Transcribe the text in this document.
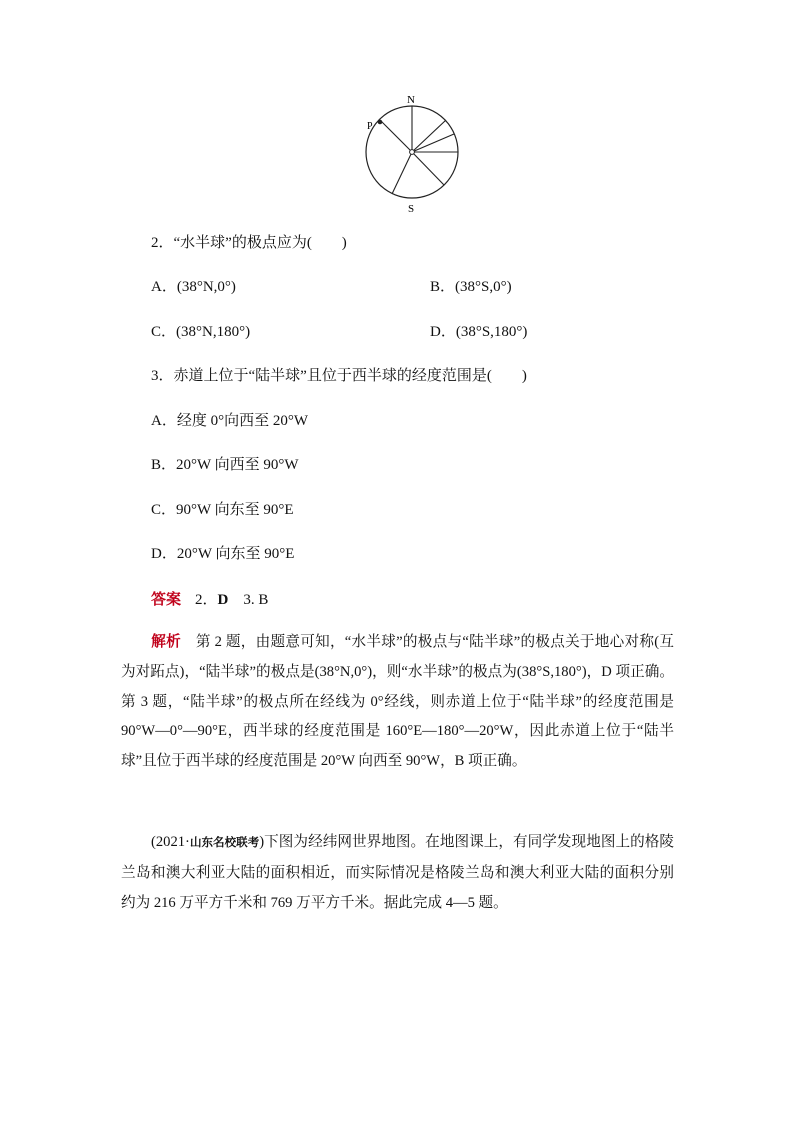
N
S
P
2．“水半球”的极点应为(　　)
A．(38°N,0°)	B．(38°S,0°)
C．(38°N,180°)	D．(38°S,180°)
3．赤道上位于“陆半球”且位于西半球的经度范围是(　　)
A．经度 0°向西至 20°W
B．20°W 向西至 90°W
C．90°W 向东至 90°E
D．20°W 向东至 90°E
答案 2．D　3. B
解析　第 2 题，由题意可知，“水半球”的极点与“陆半球”的极点关于地心对称(互为对跖点)，“陆半球”的极点是(38°N,0°)，则“水半球”的极点为(38°S,180°)，D 项正确。第 3 题，“陆半球”的极点所在经线为 0°经线，则赤道上位于“陆半球”的经度范围是 90°W—0°—90°E，西半球的经度范围是 160°E—180°—20°W，因此赤道上位于“陆半球”且位于西半球的经度范围是 20°W 向西至 90°W，B 项正确。
(2021·山东名校联考)下图为经纬网世界地图。在地图课上，有同学发现地图上的格陵兰岛和澳大利亚大陆的面积相近，而实际情况是格陵兰岛和澳大利亚大陆的面积分别约为 216 万平方千米和 769 万平方千米。据此完成 4—5 题。
